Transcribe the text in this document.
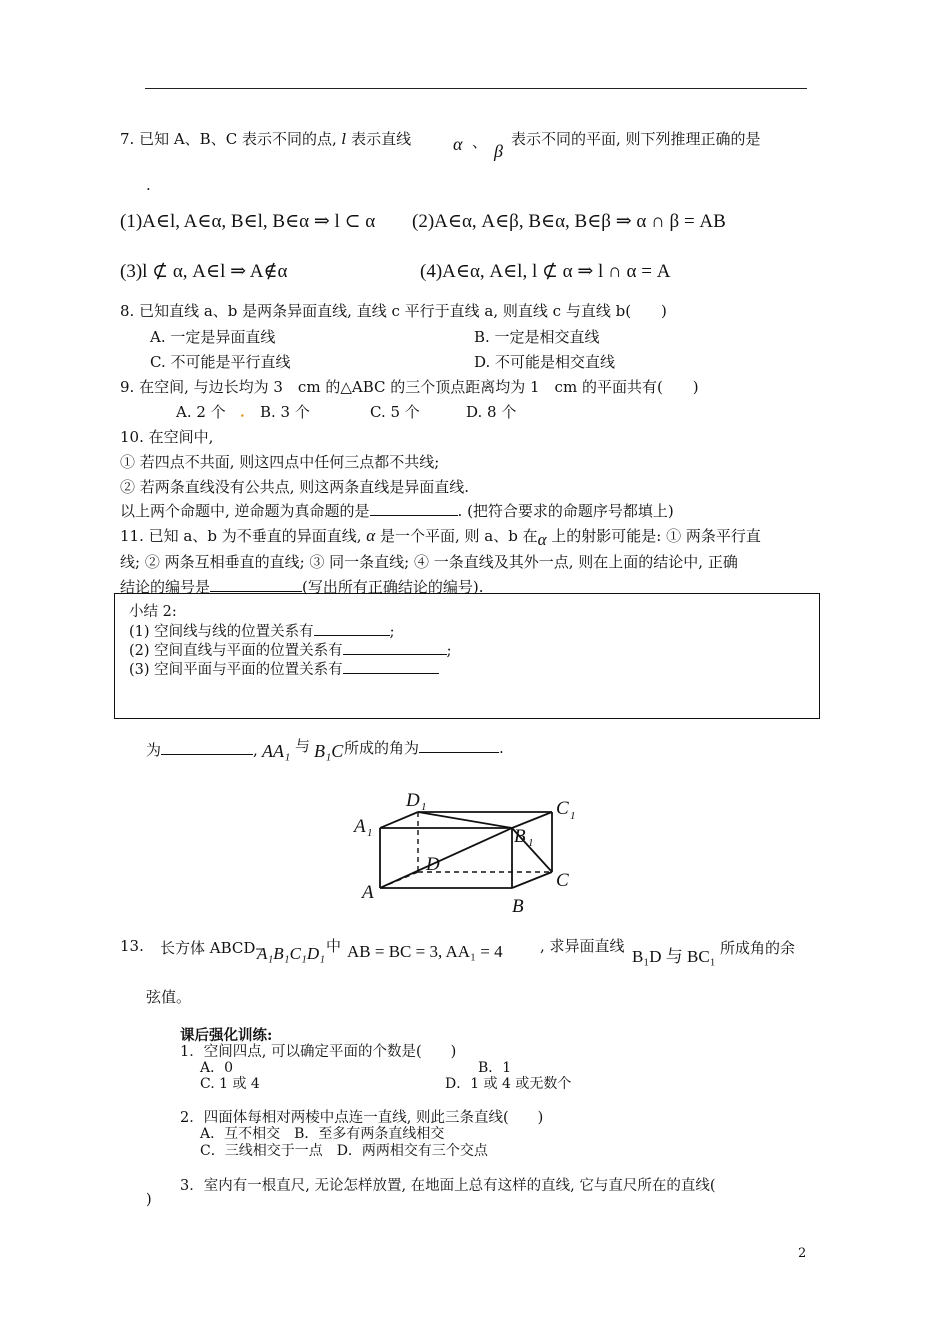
7. 已知 A、B、C 表示不同的点, l 表示直线 α 、 β
表示不同的平面, 则下列推理正确的是
.
(1)A∈l, A∈α, B∈l, B∈α ⇒ l ⊂ α (2)A∈α, A∈β, B∈α, B∈β ⇒ α ∩ β = AB
(3)l ⊄ α, A∈l ⇒ A∉α	(4)A∈α, A∈l, l ⊄ α ⇒ l ∩ α = A
8. 已知直线 a、b 是两条异面直线, 直线 c 平行于直线 a, 则直线 c 与直线 b(　　)
A. 一定是异面直线	B. 一定是相交直线
C. 不可能是平行直线	D. 不可能是相交直线
9. 在空间, 与边长均为 3　cm 的△ABC 的三个顶点距离均为 1　cm 的平面共有(　　)
A. 2 个 ． B. 3 个	C. 5 个	D. 8 个
10. 在空间中,
① 若四点不共面, 则这四点中任何三点都不共线;
② 若两条直线没有公共点, 则这两条直线是异面直线.
以上两个命题中, 逆命题为真命题的是	. (把符合要求的命题序号都填上)
11. 已知 a、b 为不垂直的异面直线, α 是一个平面, 则 a、b 在α 上的射影可能是: ① 两条平行直
线; ② 两条互相垂直的直线; ③ 同一条直线; ④ 一条直线及其外一点, 则在上面的结论中, 正确
结论的编号是	(写出所有正确结论的编号).
小结 2:
(1) 空间线与线的位置关系有	;
(2) 空间直线与平面的位置关系有	;
(3) 空间平面与平面的位置关系有
为	, AA₁ 与 B₁C 所成的角为	.
A 1
D 1	C 1
B 1
D
A
B
C
13. 长方体 ABCD–
A₁B₁C₁D₁ 中 AB = BC = 3, AA₁ = 4 , 求异面直线
B₁D 与 BC₁ 所成角的余
弦值。
课后强化训练:
1．空间四点, 可以确定平面的个数是(　　)
A．0	B．1
C. 1 或 4	D．1 或 4 或无数个
2．四面体每相对两棱中点连一直线, 则此三条直线(　　)
A．互不相交　B．至多有两条直线相交
C．三线相交于一点　D．两两相交有三个交点
3．室内有一根直尺, 无论怎样放置, 在地面上总有这样的直线, 它与直尺所在的直线(
)
2
